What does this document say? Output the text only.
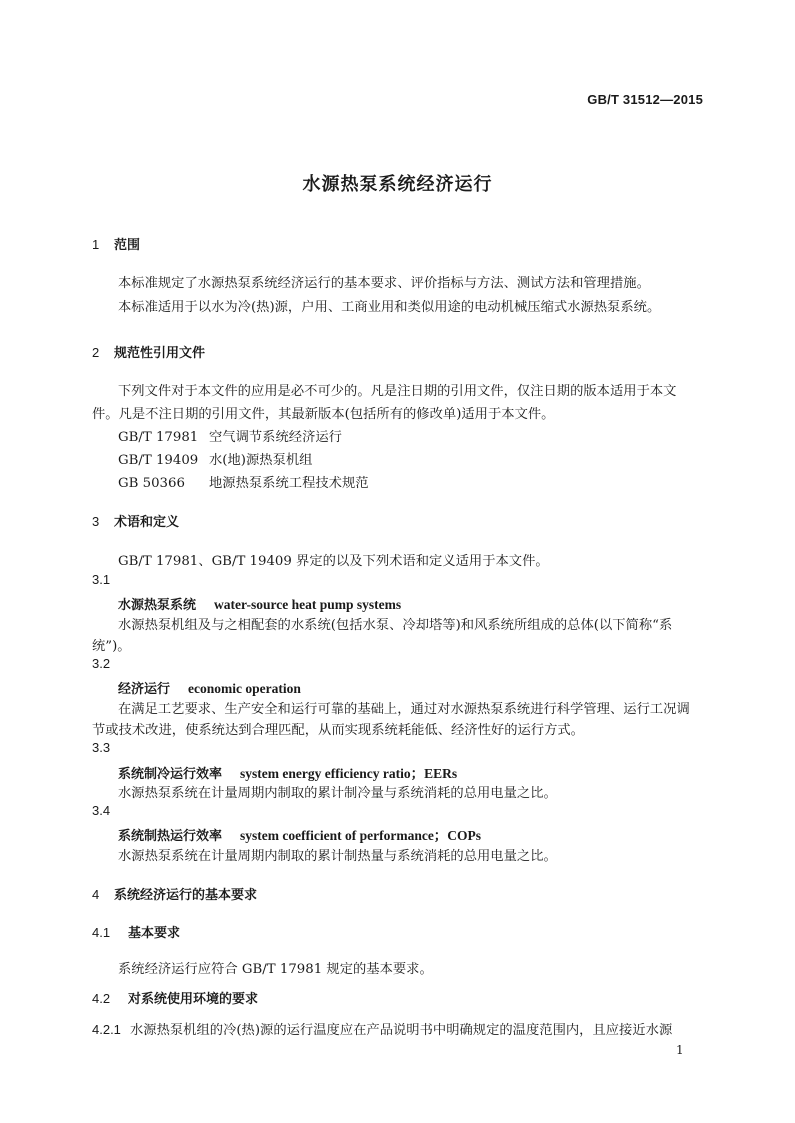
GB/T 31512—2015
水源热泵系统经济运行
1 范围
本标准规定了水源热泵系统经济运行的基本要求、评价指标与方法、测试方法和管理措施。
本标准适用于以水为冷(热)源，户用、工商业用和类似用途的电动机械压缩式水源热泵系统。
2 规范性引用文件
下列文件对于本文件的应用是必不可少的。凡是注日期的引用文件，仅注日期的版本适用于本文
件。凡是不注日期的引用文件，其最新版本(包括所有的修改单)适用于本文件。
GB/T 17981 空气调节系统经济运行
GB/T 19409 水(地)源热泵机组
GB 50366 地源热泵系统工程技术规范
3 术语和定义
GB/T 17981、GB/T 19409 界定的以及下列术语和定义适用于本文件。
3.1
水源热泵系统 water-source heat pump systems
水源热泵机组及与之相配套的水系统(包括水泵、冷却塔等)和风系统所组成的总体(以下简称“系
统”)。
3.2
经济运行 economic operation
在满足工艺要求、生产安全和运行可靠的基础上，通过对水源热泵系统进行科学管理、运行工况调
节或技术改进，使系统达到合理匹配，从而实现系统耗能低、经济性好的运行方式。
3.3
系统制冷运行效率 system energy efficiency ratio；EERs
水源热泵系统在计量周期内制取的累计制冷量与系统消耗的总用电量之比。
3.4
系统制热运行效率 system coefficient of performance；COPs
水源热泵系统在计量周期内制取的累计制热量与系统消耗的总用电量之比。
4 系统经济运行的基本要求
4.1 基本要求
系统经济运行应符合 GB/T 17981 规定的基本要求。
4.2 对系统使用环境的要求
4.2.1 水源热泵机组的冷(热)源的运行温度应在产品说明书中明确规定的温度范围内，且应接近水源
1
